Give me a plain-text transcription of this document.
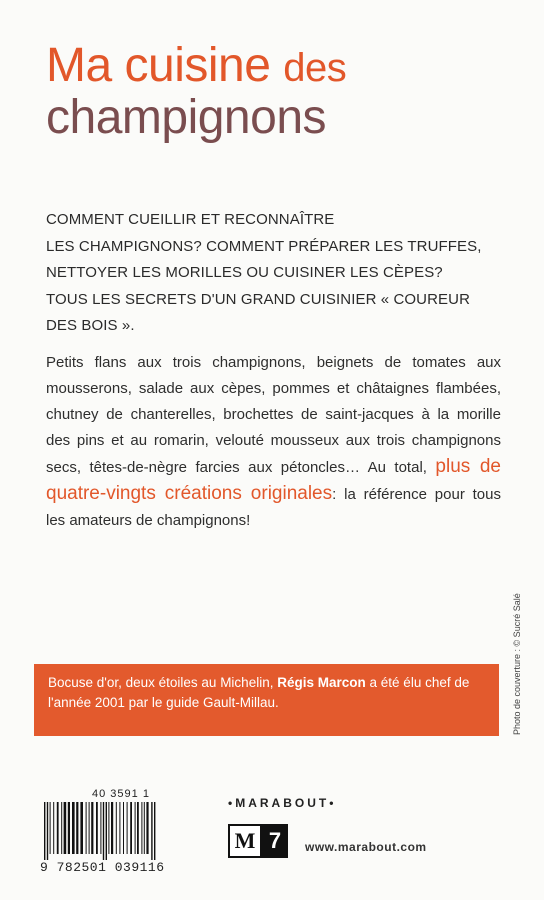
Ma cuisine des
champignons
COMMENT CUEILLIR ET RECONNAÎTRE
LES CHAMPIGNONS? COMMENT PRÉPARER LES TRUFFES,
NETTOYER LES MORILLES OU CUISINER LES CÈPES?
TOUS LES SECRETS D'UN GRAND CUISINIER « COUREUR
DES BOIS ».
Petits flans aux trois champignons, beignets de tomates aux mousserons, salade aux cèpes, pommes et châtaignes flambées, chutney de chanterelles, brochettes de saint-jacques à la morille des pins et au romarin, velouté mousseux aux trois champignons secs, têtes-de-nègre farcies aux pétoncles… Au total, plus de quatre-vingts créations originales: la référence pour tous les amateurs de champignons!
Photo de couverture : © Sucré Salé
Bocuse d'or, deux étoiles au Michelin, Régis Marcon a été élu chef de l'année 2001 par le guide Gault-Millau.
40 3591 1
9 782501 039116
•MARABOUT•
M 7	www.marabout.com
